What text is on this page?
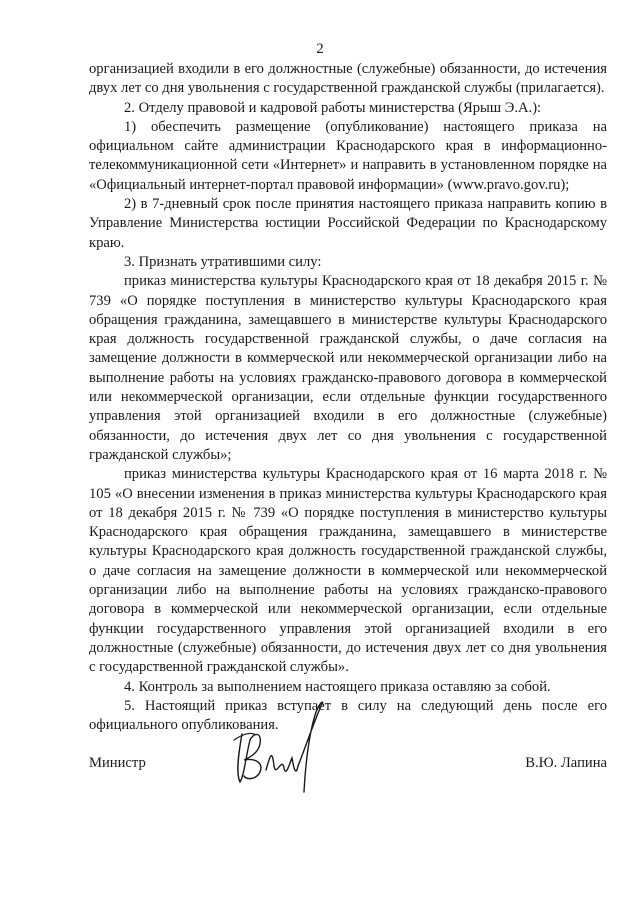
2

организацией входили в его должностные (служебные) обязанности, до истечения двух лет со дня увольнения с государственной гражданской службы (прилагается).

2. Отделу правовой и кадровой работы министерства (Ярыш Э.А.):

1) обеспечить размещение (опубликование) настоящего приказа на официальном сайте администрации Краснодарского края в информационно-телекоммуникационной сети «Интернет» и направить в установленном порядке на «Официальный интернет-портал правовой информации» (www.pravo.gov.ru);

2) в 7-дневный срок после принятия настоящего приказа направить копию в Управление Министерства юстиции Российской Федерации по Краснодарскому краю.

3. Признать утратившими силу:

приказ министерства культуры Краснодарского края от 18 декабря 2015 г. № 739 «О порядке поступления в министерство культуры Краснодарского края обращения гражданина, замещавшего в министерстве культуры Краснодарского края должность государственной гражданской службы, о даче согласия на замещение должности в коммерческой или некоммерческой организации либо на выполнение работы на условиях гражданско-правового договора в коммерческой или некоммерческой организации, если отдельные функции государственного управления этой организацией входили в его должностные (служебные) обязанности, до истечения двух лет со дня увольнения с государственной гражданской службы»;

приказ министерства культуры Краснодарского края от 16 марта 2018 г. № 105 «О внесении изменения в приказ министерства культуры Краснодарского края от 18 декабря 2015 г. № 739 «О порядке поступления в министерство культуры Краснодарского края обращения гражданина, замещавшего в министерстве культуры Краснодарского края должность государственной гражданской службы, о даче согласия на замещение должности в коммерческой или некоммерческой организации либо на выполнение работы на условиях гражданско-правового договора в коммерческой или некоммерческой организации, если отдельные функции государственного управления этой организацией входили в его должностные (служебные) обязанности, до истечения двух лет со дня увольнения с государственной гражданской службы».

4. Контроль за выполнением настоящего приказа оставляю за собой.

5. Настоящий приказ вступает в силу на следующий день после его официального опубликования.

Министр	В.Ю. Лапина
